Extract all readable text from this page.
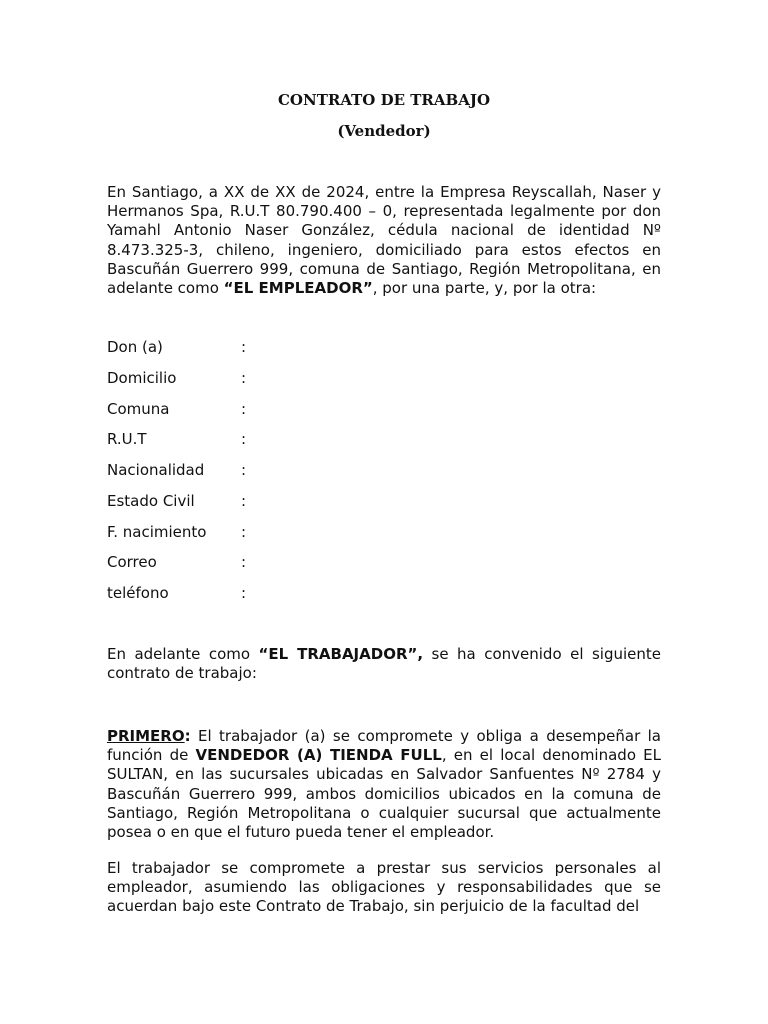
CONTRATO DE TRABAJO
(Vendedor)

En Santiago, a XX de XX de 2024, entre la Empresa Reyscallah, Naser y Hermanos Spa, R.U.T 80.790.400 – 0, representada legalmente por don Yamahl Antonio Naser González, cédula nacional de identidad Nº 8.473.325-3, chileno, ingeniero, domiciliado para estos efectos en Bascuñán Guerrero 999, comuna de Santiago, Región Metropolitana, en adelante como “EL EMPLEADOR”, por una parte, y, por la otra:

Don (a)	:
Domicilio	:
Comuna	:
R.U.T	:
Nacionalidad :
Estado Civil	:
F. nacimiento :
Correo	:
teléfono	:

En adelante como “EL TRABAJADOR”, se ha convenido el siguiente contrato de trabajo:

PRIMERO: El trabajador (a) se compromete y obliga a desempeñar la función de VENDEDOR (A) TIENDA FULL, en el local denominado EL SULTAN, en las sucursales ubicadas en Salvador Sanfuentes Nº 2784 y Bascuñán Guerrero 999, ambos domicilios ubicados en la comuna de Santiago, Región Metropolitana o cualquier sucursal que actualmente posea o en que el futuro pueda tener el empleador.

El trabajador se compromete a prestar sus servicios personales al empleador, asumiendo las obligaciones y responsabilidades que se acuerdan bajo este Contrato de Trabajo, sin perjuicio de la facultad del
